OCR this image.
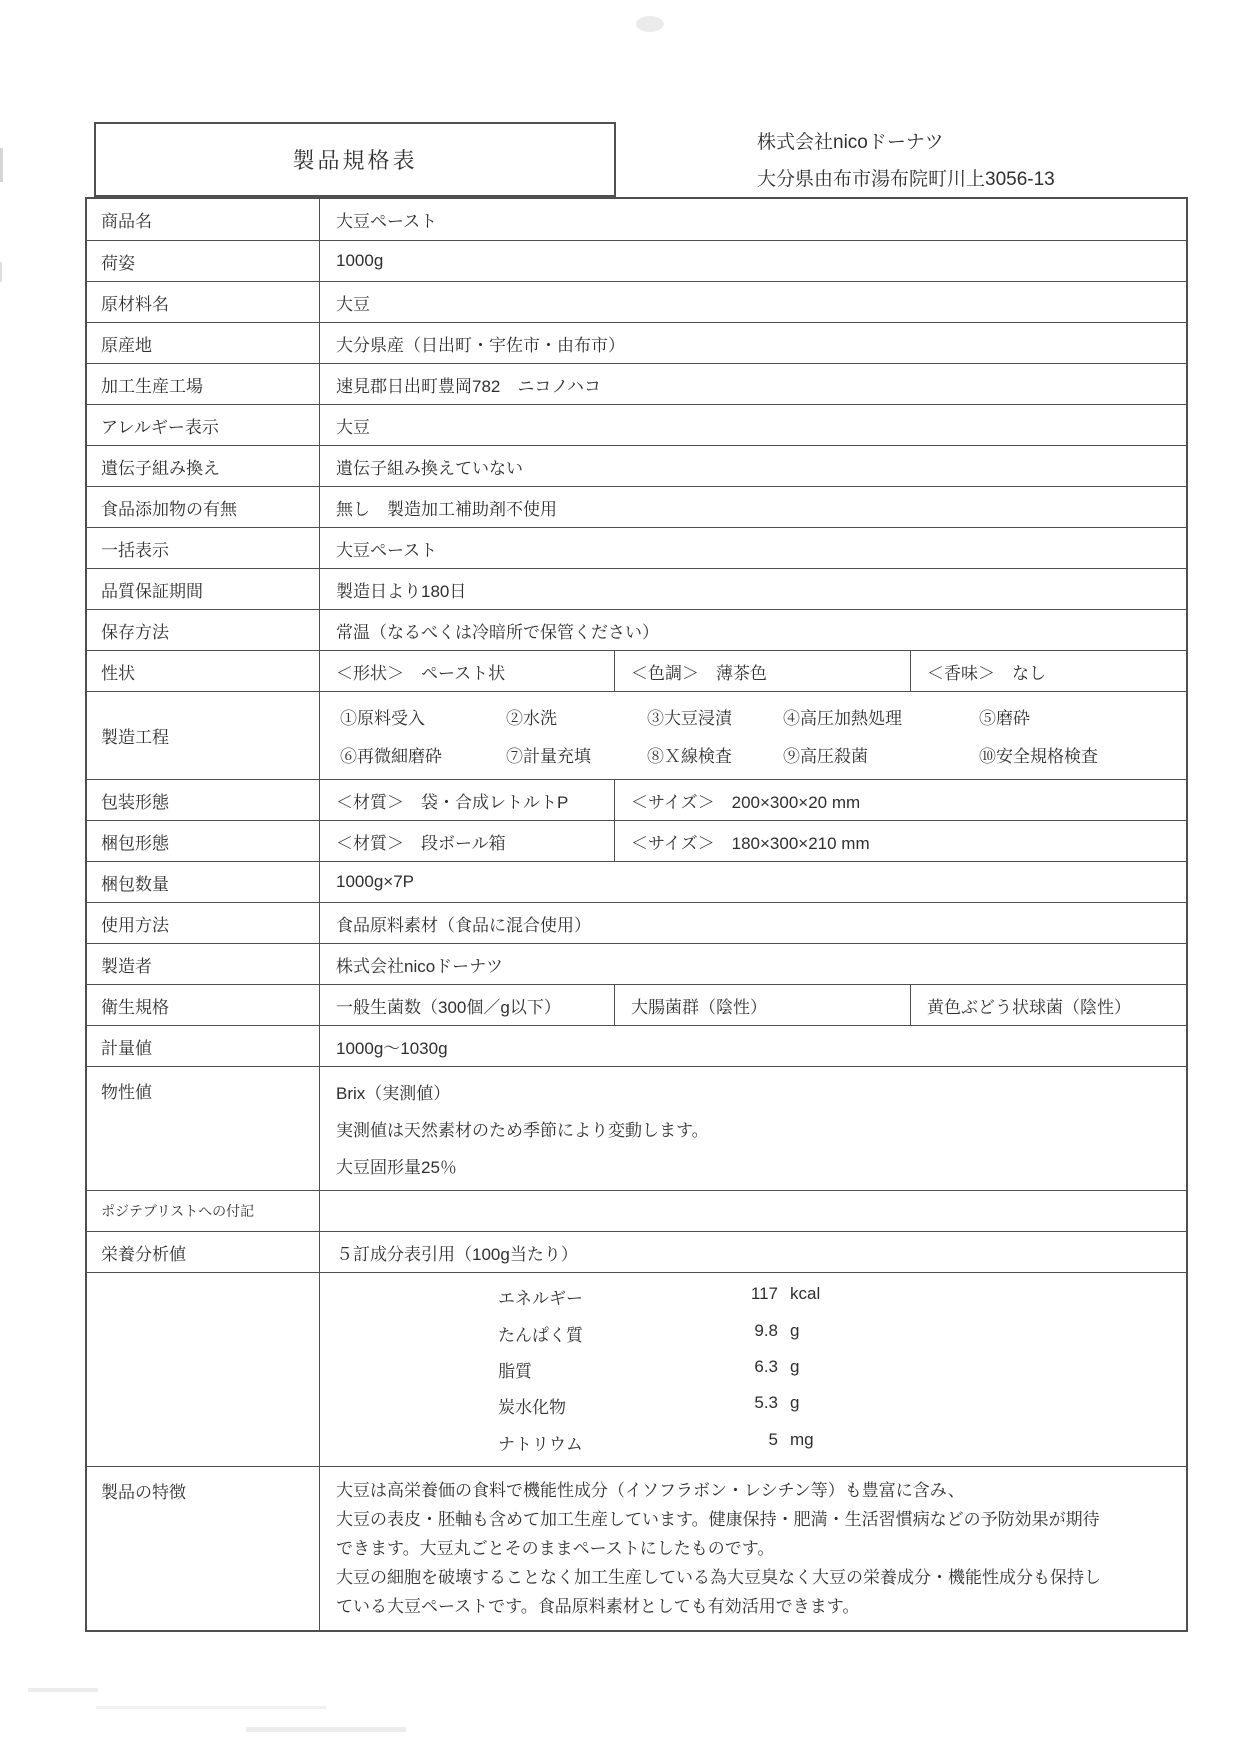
製品規格表
株式会社nicoドーナツ
大分県由布市湯布院町川上3056-13
商品名	大豆ペースト
荷姿	1000g
原材料名	大豆
原産地	大分県産（日出町・宇佐市・由布市）
加工生産工場	速見郡日出町豊岡782　ニコノハコ
アレルギー表示	大豆
遺伝子組み換え	遺伝子組み換えていない
食品添加物の有無	無し　製造加工補助剤不使用
一括表示	大豆ペースト
品質保証期間	製造日より180日
保存方法	常温（なるべくは冷暗所で保管ください）
性状	＜形状＞　ペースト状	＜色調＞　薄茶色	＜香味＞　なし
製造工程
①原料受入	②水洗	③大豆浸漬	④高圧加熱処理	⑤磨砕
⑥再微細磨砕	⑦計量充填	⑧Ｘ線検査	⑨高圧殺菌	⑩安全規格検査
包装形態	＜材質＞　袋・合成レトルトP	＜サイズ＞　200×300×20 mm
梱包形態	＜材質＞　段ボール箱	＜サイズ＞　180×300×210 mm
梱包数量	1000g×7P
使用方法	食品原料素材（食品に混合使用）
製造者	株式会社nicoドーナツ
衛生規格	一般生菌数（300個／g以下）	大腸菌群（陰性）	黄色ぶどう状球菌（陰性）
計量値	1000g〜1030g
物性値	Brix（実測値）
実測値は天然素材のため季節により変動します。
大豆固形量25％
ポジテブリストへの付記
栄養分析値	５訂成分表引用（100g当たり）
エネルギー	117 kcal
たんぱく質	9.8 g
脂質	6.3 g
炭水化物	5.3 g
ナトリウム	5 mg
製品の特徴	大豆は高栄養価の食料で機能性成分（イソフラボン・レシチン等）も豊富に含み、
大豆の表皮・胚軸も含めて加工生産しています。健康保持・肥満・生活習慣病などの予防効果が期待
できます。大豆丸ごとそのままペーストにしたものです。
大豆の細胞を破壊することなく加工生産している為大豆臭なく大豆の栄養成分・機能性成分も保持し
ている大豆ペーストです。食品原料素材としても有効活用できます。
